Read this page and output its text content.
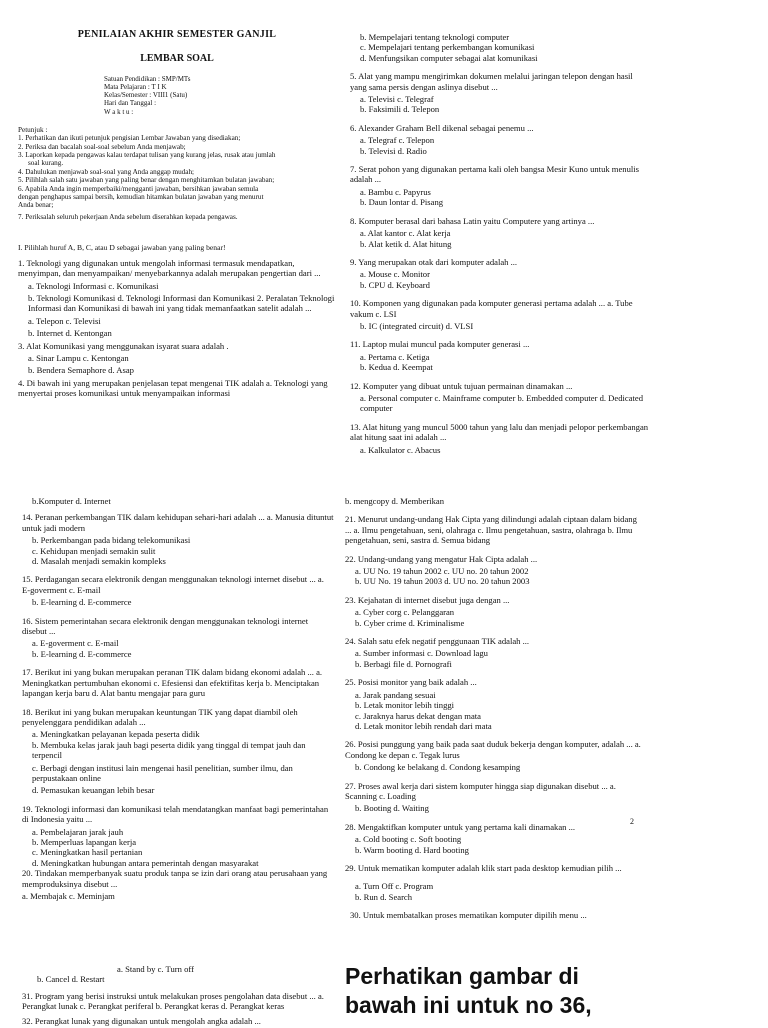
PENILAIAN AKHIR SEMESTER GANJIL

LEMBAR SOAL

Satuan Pendidikan : SMP/MTs

Mata Pelajaran : T I K

Kelas/Semester : VIII1 (Satu)

Hari dan Tanggal :

W a k t u :

Petunjuk :

1. Perhatikan dan ikuti petunjuk pengisian Lembar Jawaban yang disediakan;

2. Periksa dan bacalah soal-soal sebelum Anda menjawab;

3. Laporkan kepada pengawas kalau terdapat tulisan yang kurang jelas, rusak atau jumlah

soal kurang.

4. Dahulukan menjawab soal-soal yang Anda anggap mudah;

5. Pilihlah salah satu jawaban yang paling benar dengan menghitamkan bulatan jawaban;

6. Apabila Anda ingin memperbaiki/mengganti jawaban, bersihkan jawaban semula

dengan penghapus sampai bersih, kemudian hitamkan bulatan jawaban yang menurut

Anda benar;

7. Periksalah seluruh pekerjaan Anda sebelum diserahkan kepada pengawas.

I. Pilihlah huruf A, B, C, atau D sebagai jawaban yang paling benar!

1. Teknologi yang digunakan untuk mengolah informasi termasuk mendapatkan, menyimpan, dan menyampaikan/ menyebarkannya adalah merupakan pengertian dari ...

a. Teknologi Informasi c. Komunikasi

b. Teknologi Komunikasi d. Teknologi Informasi dan Komunikasi 2. Peralatan Teknologi Informasi dan Komunikasi di bawah ini yang tidak memanfaatkan satelit adalah ...

a. Telepon c. Televisi

b. Internet d. Kentongan

3. Alat Komunikasi yang menggunakan isyarat suara adalah .

a. Sinar Lampu c. Kentongan

b. Bendera Semaphore d. Asap

4. Di bawah ini yang merupakan penjelasan tepat mengenai TIK adalah a. Teknologi yang menyertai proses komunikasi untuk menyampaikan informasi

b. Mempelajari tentang teknologi computer

c. Mempelajari tentang perkembangan komunikasi

d. Menfungsikan computer sebagai alat komunikasi

5. Alat yang mampu mengirimkan dokumen melalui jaringan telepon dengan hasil yang sama persis dengan aslinya disebut ...

a. Televisi c. Telegraf

b. Faksimili d. Telepon

6. Alexander Graham Bell dikenal sebagai penemu ...

a. Telegraf c. Telepon

b. Televisi d. Radio

7. Serat pohon yang digunakan pertama kali oleh bangsa Mesir Kuno untuk menulis adalah ...

a. Bambu c. Papyrus

b. Daun lontar d. Pisang

8. Komputer berasal dari bahasa Latin yaitu Computere yang artinya ...

a. Alat kantor c. Alat kerja

b. Alat ketik d. Alat hitung

9. Yang merupakan otak dari komputer adalah ...

a. Mouse c. Monitor

b. CPU d. Keyboard

10. Komponen yang digunakan pada komputer generasi pertama adalah ... a. Tube vakum c. LSI

b. IC (integrated circuit) d. VLSI

11. Laptop mulai muncul pada komputer generasi ...

a. Pertama c. Ketiga

b. Kedua d. Keempat

12. Komputer yang dibuat untuk tujuan permainan dinamakan ...

a. Personal computer c. Mainframe computer b. Embedded computer d. Dedicated computer

13. Alat hitung yang muncul 5000 tahun yang lalu dan menjadi pelopor perkembangan alat hitung saat ini adalah ...

a. Kalkulator c. Abacus

b.Komputer d. Internet

14. Peranan perkembangan TIK dalam kehidupan sehari-hari adalah ... a. Manusia dituntut untuk jadi modern

b. Perkembangan pada bidang telekomunikasi

c. Kehidupan menjadi semakin sulit

d. Masalah menjadi semakin kompleks

15. Perdagangan secara elektronik dengan menggunakan teknologi internet disebut ... a. E-goverment c. E-mail

b. E-learning d. E-commerce

16. Sistem pemerintahan secara elektronik dengan menggunakan teknologi internet disebut ...

a. E-goverment c. E-mail

b. E-learning d. E-commerce

17. Berikut ini yang bukan merupakan peranan TIK dalam bidang ekonomi adalah ... a. Meningkatkan pertumbuhan ekonomi c. Efesiensi dan efektifitas kerja b. Menciptakan lapangan kerja baru d. Alat bantu mengajar para guru

18. Berikut ini yang bukan merupakan keuntungan TIK yang dapat diambil oleh penyelenggara pendidikan adalah ...

a. Meningkatkan pelayanan kepada peserta didik

b. Membuka kelas jarak jauh bagi peserta didik yang tinggal di tempat jauh dan terpencil

c. Berbagi dengan institusi lain mengenai hasil penelitian, sumber ilmu, dan perpustakaan online

d. Pemasukan keuangan lebih besar

19. Teknologi informasi dan komunikasi telah mendatangkan manfaat bagi pemerintahan di Indonesia yaitu ...

a. Pembelajaran jarak jauh

b. Memperluas lapangan kerja

c. Meningkatkan hasil pertanian

d. Meningkatkan hubungan antara pemerintah dengan masyarakat

20. Tindakan memperbanyak suatu produk tanpa se izin dari orang atau perusahaan yang memproduksinya disebut ...

a. Membajak c. Meminjam

b. mengcopy d. Memberikan

21. Menurut undang-undang Hak Cipta yang dilindungi adalah ciptaan dalam bidang ... a. Ilmu pengetahuan, seni, olahraga c. Ilmu pengetahuan, sastra, olahraga b. Ilmu pengetahuan, seni, sastra d. Semua bidang

22. Undang-undang yang mengatur Hak Cipta adalah ...

a. UU No. 19 tahun 2002 c. UU no. 20 tahun 2002

b. UU No. 19 tahun 2003 d. UU no. 20 tahun 2003

23. Kejahatan di internet disebut juga dengan ...

a. Cyber corg c. Pelanggaran

b. Cyber crime d. Kriminalisme

24. Salah satu efek negatif penggunaan TIK adalah ...

a. Sumber informasi c. Download lagu

b. Berbagi file d. Pornografi

25. Posisi monitor yang baik adalah ...

a. Jarak pandang sesuai

b. Letak monitor lebih tinggi

c. Jaraknya harus dekat dengan mata

d. Letak monitor lebih rendah dari mata

26. Posisi punggung yang baik pada saat duduk bekerja dengan komputer, adalah ... a. Condong ke depan c. Tegak lurus

b. Condong ke belakang d. Condong kesamping

27. Proses awal kerja dari sistem komputer hingga siap digunakan disebut ... a. Scanning c. Loading

b. Booting d. Waiting

28. Mengaktifkan komputer untuk yang pertama kali dinamakan ...

a. Cold booting c. Soft booting

b. Warm booting d. Hard booting

29. Untuk mematikan komputer adalah klik start pada desktop kemudian pilih ...

a. Turn Off c. Program

b. Run d. Search

30. Untuk membatalkan proses mematikan komputer dipilih menu ...

2

a. Stand by c. Turn off

b. Cancel d. Restart

31. Program yang berisi instruksi untuk melakukan proses pengolahan data disebut ... a. Perangkat lunak c. Perangkat periferal b. Perangkat keras d. Perangkat keras

32. Perangkat lunak yang digunakan untuk mengolah angka adalah ...

Perhatikan gambar di
bawah ini untuk no 36,
